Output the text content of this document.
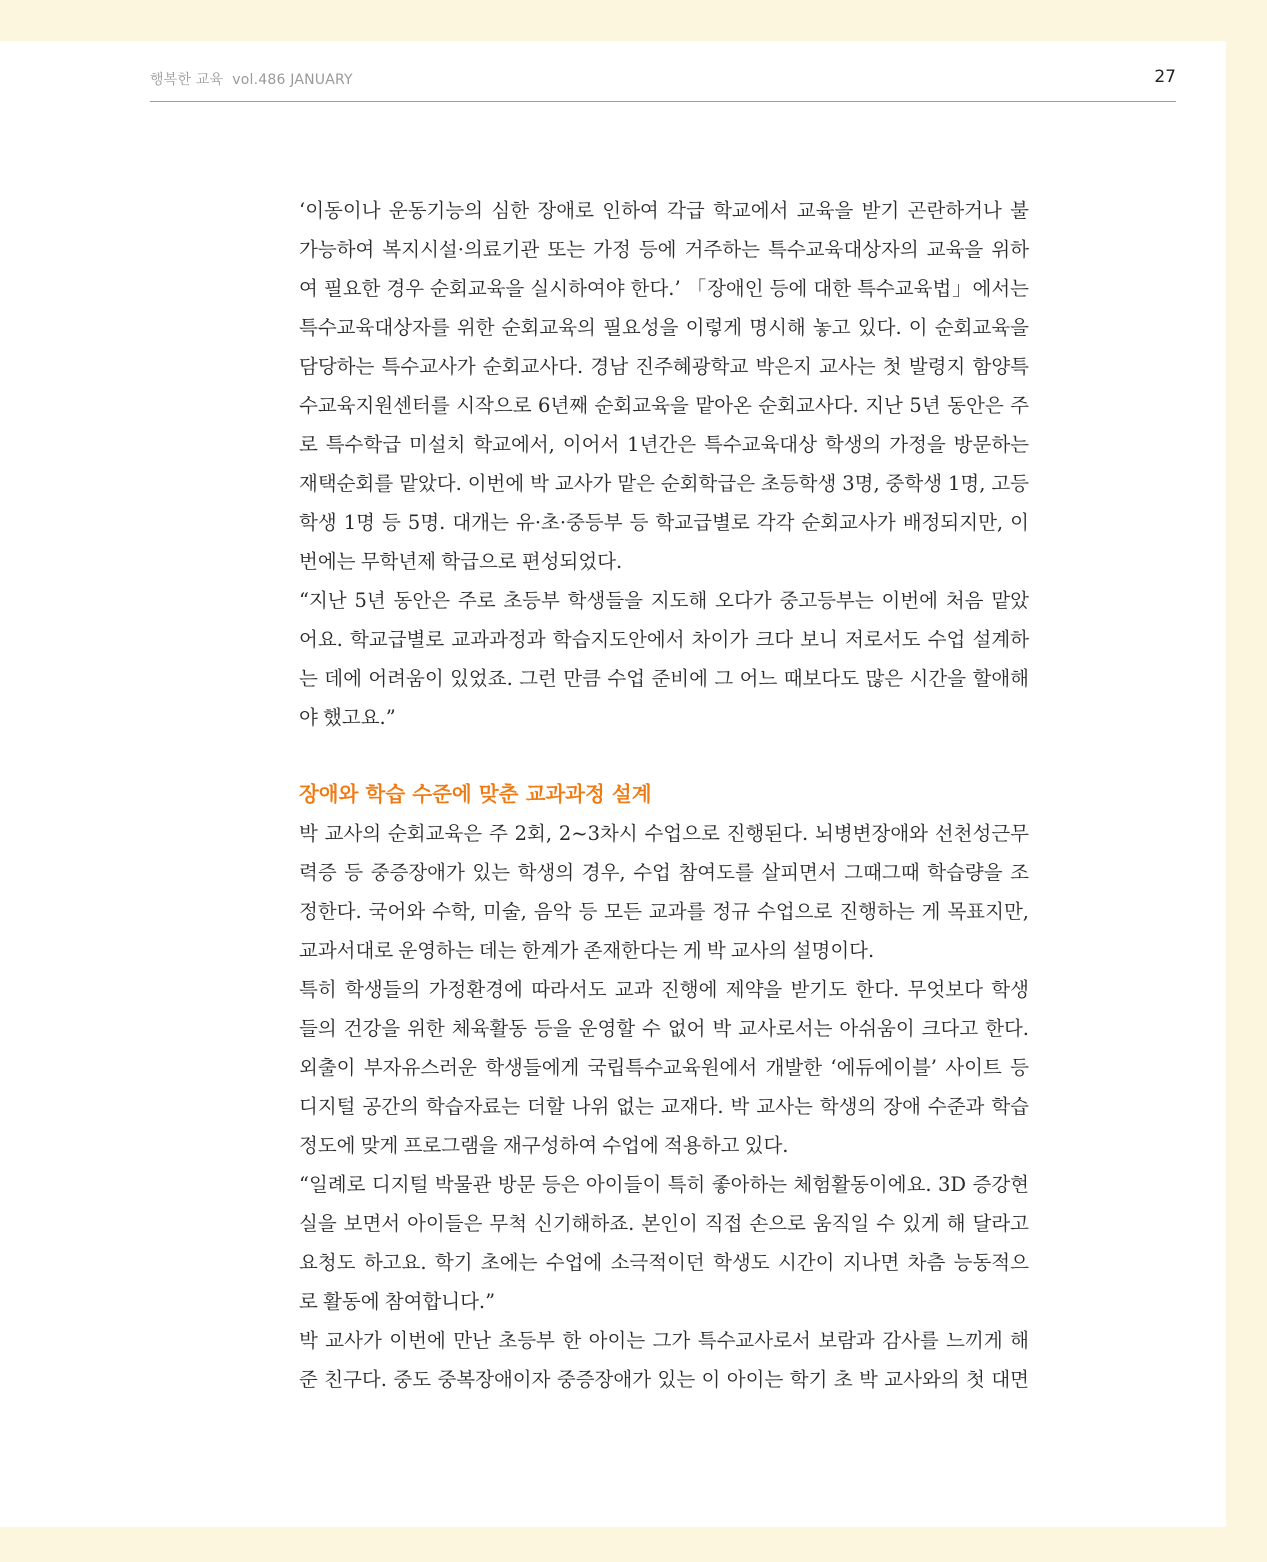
행복한 교육 vol.486 JANUARY	27
‘이동이나 운동기능의 심한 장애로 인하여 각급 학교에서 교육을 받기 곤란하거나 불
가능하여 복지시설·의료기관 또는 가정 등에 거주하는 특수교육대상자의 교육을 위하
여 필요한 경우 순회교육을 실시하여야 한다.’ 「장애인 등에 대한 특수교육법」에서는
특수교육대상자를 위한 순회교육의 필요성을 이렇게 명시해 놓고 있다. 이 순회교육을
담당하는 특수교사가 순회교사다. 경남 진주혜광학교 박은지 교사는 첫 발령지 함양특
수교육지원센터를 시작으로 6년째 순회교육을 맡아온 순회교사다. 지난 5년 동안은 주
로 특수학급 미설치 학교에서, 이어서 1년간은 특수교육대상 학생의 가정을 방문하는
재택순회를 맡았다. 이번에 박 교사가 맡은 순회학급은 초등학생 3명, 중학생 1명, 고등
학생 1명 등 5명. 대개는 유·초·중등부 등 학교급별로 각각 순회교사가 배정되지만, 이
번에는 무학년제 학급으로 편성되었다.
“지난 5년 동안은 주로 초등부 학생들을 지도해 오다가 중고등부는 이번에 처음 맡았
어요. 학교급별로 교과과정과 학습지도안에서 차이가 크다 보니 저로서도 수업 설계하
는 데에 어려움이 있었죠. 그런 만큼 수업 준비에 그 어느 때보다도 많은 시간을 할애해
야 했고요.”
장애와 학습 수준에 맞춘 교과과정 설계
박 교사의 순회교육은 주 2회, 2~3차시 수업으로 진행된다. 뇌병변장애와 선천성근무
력증 등 중증장애가 있는 학생의 경우, 수업 참여도를 살피면서 그때그때 학습량을 조
정한다. 국어와 수학, 미술, 음악 등 모든 교과를 정규 수업으로 진행하는 게 목표지만,
교과서대로 운영하는 데는 한계가 존재한다는 게 박 교사의 설명이다.
특히 학생들의 가정환경에 따라서도 교과 진행에 제약을 받기도 한다. 무엇보다 학생
들의 건강을 위한 체육활동 등을 운영할 수 없어 박 교사로서는 아쉬움이 크다고 한다.
외출이 부자유스러운 학생들에게 국립특수교육원에서 개발한 ‘에듀에이블’ 사이트 등
디지털 공간의 학습자료는 더할 나위 없는 교재다. 박 교사는 학생의 장애 수준과 학습
정도에 맞게 프로그램을 재구성하여 수업에 적용하고 있다.
“일례로 디지털 박물관 방문 등은 아이들이 특히 좋아하는 체험활동이에요. 3D 증강현
실을 보면서 아이들은 무척 신기해하죠. 본인이 직접 손으로 움직일 수 있게 해 달라고
요청도 하고요. 학기 초에는 수업에 소극적이던 학생도 시간이 지나면 차츰 능동적으
로 활동에 참여합니다.”
박 교사가 이번에 만난 초등부 한 아이는 그가 특수교사로서 보람과 감사를 느끼게 해
준 친구다. 중도 중복장애이자 중증장애가 있는 이 아이는 학기 초 박 교사와의 첫 대면
